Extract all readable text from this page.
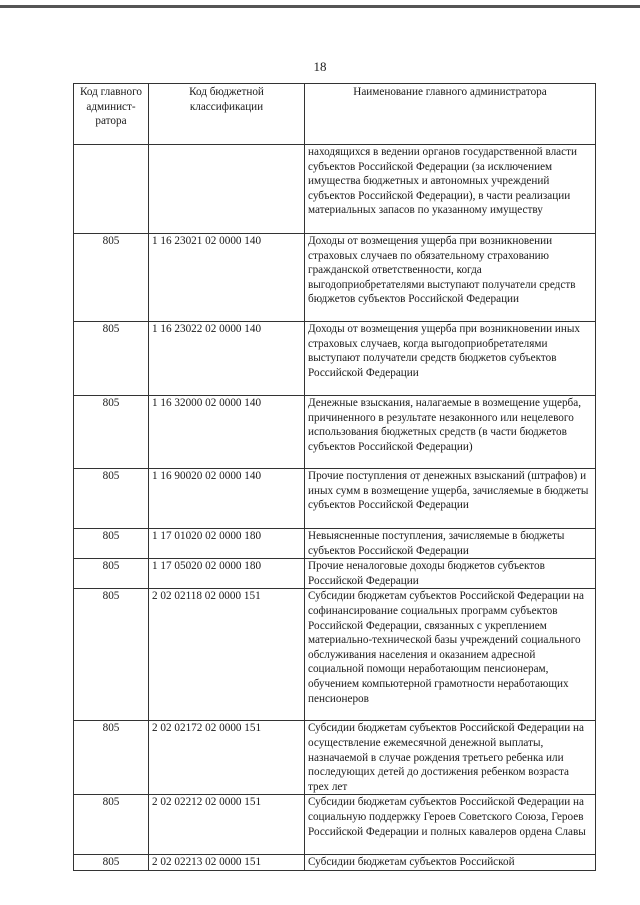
18
Код главного админист-ратора	Код бюджетной классификации	Наименование главного администратора
		находящихся в ведении органов государственной власти субъектов Российской Федерации (за исключением имущества бюджетных и автономных учреждений субъектов Российской Федерации), в части реализации материальных запасов по указанному имуществу
805	1 16 23021 02 0000 140	Доходы от возмещения ущерба при возникновении страховых случаев по обязательному страхованию гражданской ответственности, когда выгодоприобретателями выступают получатели средств бюджетов субъектов Российской Федерации
805	1 16 23022 02 0000 140	Доходы от возмещения ущерба при возникновении иных страховых случаев, когда выгодоприобретателями выступают получатели средств бюджетов субъектов Российской Федерации
805	1 16 32000 02 0000 140	Денежные взыскания, налагаемые в возмещение ущерба, причиненного в результате незаконного или нецелевого использования бюджетных средств (в части бюджетов субъектов Российской Федерации)
805	1 16 90020 02 0000 140	Прочие поступления от денежных взысканий (штрафов) и иных сумм в возмещение ущерба, зачисляемые в бюджеты субъектов Российской Федерации
805	1 17 01020 02 0000 180	Невыясненные поступления, зачисляемые в бюджеты субъектов Российской Федерации
805	1 17 05020 02 0000 180	Прочие неналоговые доходы бюджетов субъектов Российской Федерации
805	2 02 02118 02 0000 151	Субсидии бюджетам субъектов Российской Федерации на софинансирование социальных программ субъектов Российской Федерации, связанных с укреплением материально-технической базы учреждений социального обслуживания населения и оказанием адресной социальной помощи неработающим пенсионерам, обучением компьютерной грамотности неработающих пенсионеров
805	2 02 02172 02 0000 151	Субсидии бюджетам субъектов Российской Федерации на осуществление ежемесячной денежной выплаты, назначаемой в случае рождения третьего ребенка или последующих детей до достижения ребенком возраста трех лет
805	2 02 02212 02 0000 151	Субсидии бюджетам субъектов Российской Федерации на социальную поддержку Героев Советского Союза, Героев Российской Федерации и полных кавалеров ордена Славы
805	2 02 02213 02 0000 151	Субсидии бюджетам субъектов Российской
